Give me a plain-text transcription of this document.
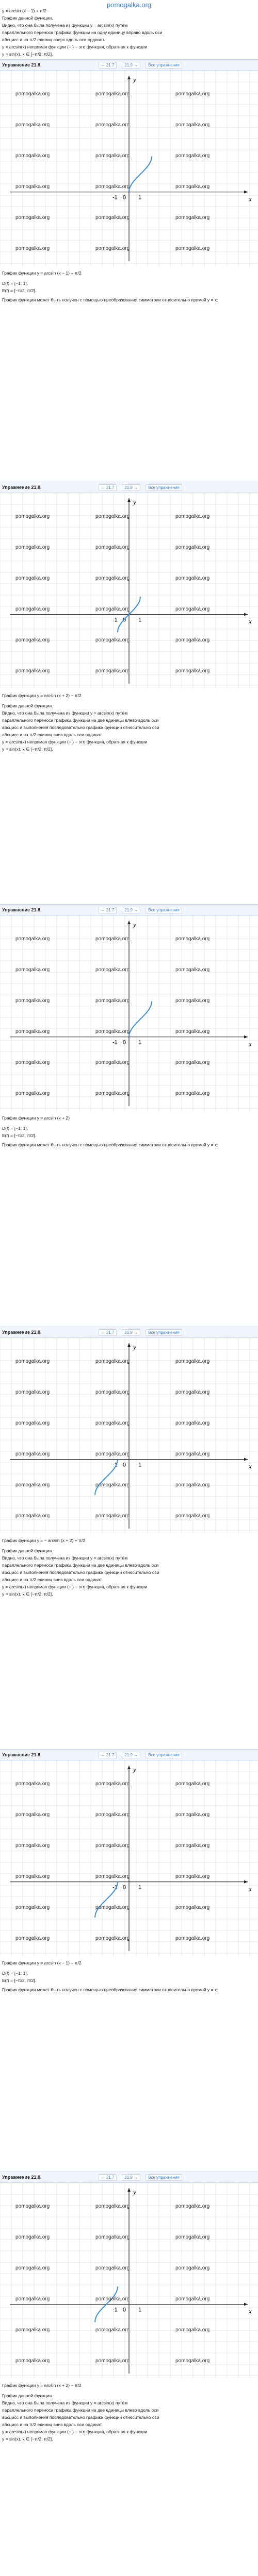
pomogalka.org

y = arcsin (x − 1) + π/2

График данной функции.

Видно, что она была получена из функции y = arcsin(x) путём

параллельного переноса графика функции на одну единицу вправо вдоль оси

абсцисс и на π/2 единиц вверх вдоль оси ординат.

y = arcsin(x) непрямая функции (− ) − это функция, обратная к функции

y = sin(x), x ∈ [−π/2; π/2].

Упражнение 21.8.	← 21.7	21.9 →	Все упражнения
x
y
0 1
-1
pomogalka.org	pomogalka.org	pomogalka.org
pomogalka.org	pomogalka.org	pomogalka.org
pomogalka.org	pomogalka.org	pomogalka.org
pomogalka.org	pomogalka.org	pomogalka.org
pomogalka.org	pomogalka.org	pomogalka.org
pomogalka.org	pomogalka.org	pomogalka.org

График функции y = arcsin (x − 1) + π/2

D(f) = [−1; 1],

E(f) = [−π/2; π/2].

График функции может быть получен с помощью преобразования симметрии относительно прямой y = x:

Упражнение 21.8.	← 21.7	21.9 →	Все упражнения
x
y
0 1
-1
pomogalka.org	pomogalka.org	pomogalka.org
pomogalka.org	pomogalka.org	pomogalka.org
pomogalka.org	pomogalka.org	pomogalka.org
pomogalka.org	pomogalka.org	pomogalka.org
pomogalka.org	pomogalka.org	pomogalka.org
pomogalka.org	pomogalka.org	pomogalka.org

График функции y = arcsin (x + 2) − π/2

График данной функции.

Видно, что она была получена из функции y = arcsin(x) путём

параллельного переноса графика функции на две единицы влево вдоль оси

абсцисс и выполнения последовательно графика функции относительно оси

абсцисс и на π/2 единиц вниз вдоль оси ординат.

y = arcsin(x) непрямая функции (− ) − это функция, обратная к функции

y = sin(x), x ∈ [−π/2; π/2].

Упражнение 21.8.	← 21.7	21.9 →	Все упражнения
x
y
0 1
-1
pomogalka.org	pomogalka.org	pomogalka.org
pomogalka.org	pomogalka.org	pomogalka.org
pomogalka.org	pomogalka.org	pomogalka.org
pomogalka.org	pomogalka.org	pomogalka.org
pomogalka.org	pomogalka.org	pomogalka.org
pomogalka.org	pomogalka.org	pomogalka.org

График функции y = arcsin (x + 2)

D(f) = [−1; 1],

E(f) = [−π/2; π/2].

График функции может быть получен с помощью преобразования симметрии относительно прямой y = x:

Упражнение 21.8.	← 21.7	21.9 →	Все упражнения
x
y
0 1
-1
pomogalka.org	pomogalka.org	pomogalka.org
pomogalka.org	pomogalka.org	pomogalka.org
pomogalka.org	pomogalka.org	pomogalka.org
pomogalka.org	pomogalka.org	pomogalka.org
pomogalka.org	pomogalka.org	pomogalka.org
pomogalka.org	pomogalka.org	pomogalka.org

График функции y = − arcsin (x + 2) + π/2

График данной функции.

Видно, что она была получена из функции y = arcsin(x) путём

параллельного переноса графика функции на две единицы влево вдоль оси

абсцисс и выполнения последовательно графика функции относительно оси

абсцисс и на π/2 единиц вниз вдоль оси ординат.

y = arcsin(x) непрямая функции (− ) − это функция, обратная к функции

y = sin(x), x ∈ [−π/2; π/2].

Упражнение 21.8.	← 21.7	21.9 →	Все упражнения
x
y
0 1
-1
pomogalka.org	pomogalka.org	pomogalka.org
pomogalka.org	pomogalka.org	pomogalka.org
pomogalka.org	pomogalka.org	pomogalka.org
pomogalka.org	pomogalka.org	pomogalka.org
pomogalka.org	pomogalka.org	pomogalka.org
pomogalka.org	pomogalka.org	pomogalka.org

График функции y = arcsin (x − 1) + π/2

D(f) = [−1; 1],

E(f) = [−π/2; π/2].

График функции может быть получен с помощью преобразования симметрии относительно прямой y = x:

Упражнение 21.8.	← 21.7	21.9 →	Все упражнения
x
y
0 1
-1
pomogalka.org	pomogalka.org	pomogalka.org
pomogalka.org	pomogalka.org	pomogalka.org
pomogalka.org	pomogalka.org	pomogalka.org
pomogalka.org	pomogalka.org	pomogalka.org
pomogalka.org	pomogalka.org	pomogalka.org
pomogalka.org	pomogalka.org	pomogalka.org

График функции y = arcsin (x + 2) − π/2

График данной функции.

Видно, что она была получена из функции y = arcsin(x) путём

параллельного переноса графика функции на две единицы влево вдоль оси

абсцисс и выполнения последовательно графика функции относительно оси

абсцисс и на π/2 единиц вниз вдоль оси ординат.

y = arcsin(x) непрямая функции (− ) − это функция, обратная к функции

y = sin(x), x ∈ [−π/2; π/2].
